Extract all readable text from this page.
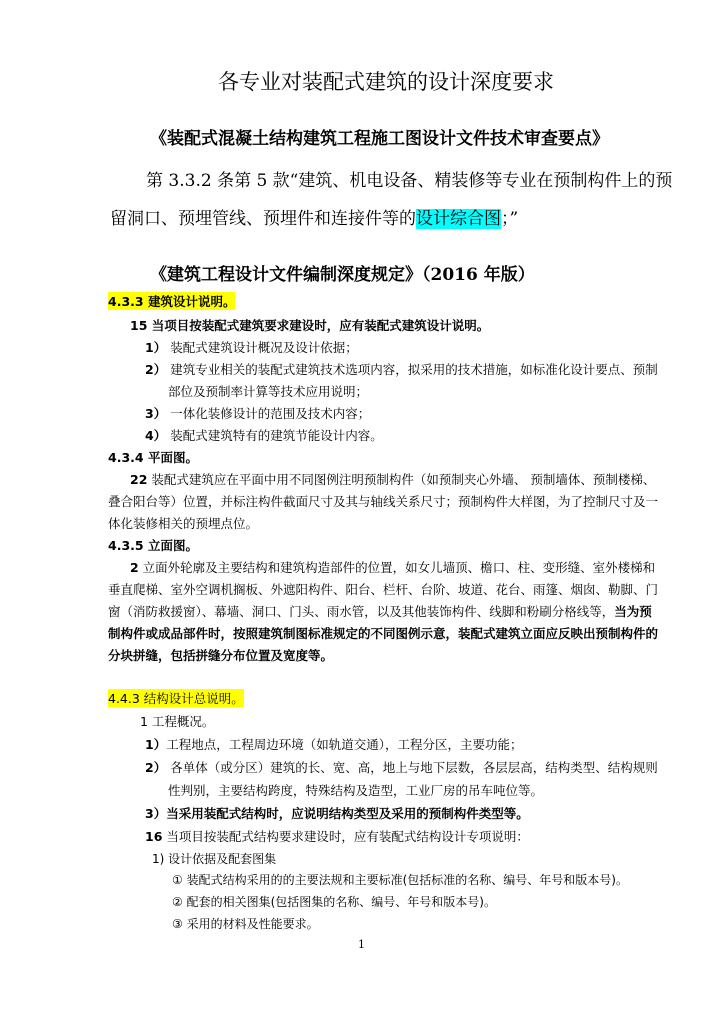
各专业对装配式建筑的设计深度要求
《装配式混凝土结构建筑工程施工图设计文件技术审查要点》
第 3.3.2 条第 5 款“建筑、机电设备、精装修等专业在预制构件上的预
留洞口、预埋管线、预埋件和连接件等的设计综合图；”
《建筑工程设计文件编制深度规定》（2016 年版）
4.3.3 建筑设计说明。
15 当项目按装配式建筑要求建设时，应有装配式建筑设计说明。
1） 装配式建筑设计概况及设计依据；
2） 建筑专业相关的装配式建筑技术选项内容，拟采用的技术措施，如标准化设计要点、预制
部位及预制率计算等技术应用说明；
3） 一体化装修设计的范围及技术内容；
4） 装配式建筑特有的建筑节能设计内容。
4.3.4 平面图。
22 装配式建筑应在平面中用不同图例注明预制构件（如预制夹心外墙、 预制墙体、预制楼梯、
叠合阳台等）位置，并标注构件截面尺寸及其与轴线关系尺寸；预制构件大样图，为了控制尺寸及一
体化装修相关的预埋点位。
4.3.5 立面图。
2 立面外轮廓及主要结构和建筑构造部件的位置，如女儿墙顶、檐口、柱、变形缝、室外楼梯和
垂直爬梯、室外空调机搁板、外遮阳构件、阳台、栏杆、台阶、坡道、花台、雨篷、烟囱、勒脚、门
窗（消防救援窗）、幕墙、洞口、门头、雨水管，以及其他装饰构件、线脚和粉刷分格线等，当为预
制构件或成品部件时，按照建筑制图标准规定的不同图例示意，装配式建筑立面应反映出预制构件的
分块拼缝，包括拼缝分布位置及宽度等。
4.4.3 结构设计总说明。
1 工程概况。
1）工程地点，工程周边环境（如轨道交通），工程分区，主要功能；
2） 各单体（或分区）建筑的长、宽、高，地上与地下层数，各层层高，结构类型、结构规则
性判别，主要结构跨度，特殊结构及造型，工业厂房的吊车吨位等。
3）当采用装配式结构时，应说明结构类型及采用的预制构件类型等。
16 当项目按装配式结构要求建设时，应有装配式结构设计专项说明：
1) 设计依据及配套图集
① 装配式结构采用的的主要法规和主要标准(包括标准的名称、编号、年号和版本号)。
② 配套的相关图集(包括图集的名称、编号、年号和版本号)。
③ 采用的材料及性能要求。
1
